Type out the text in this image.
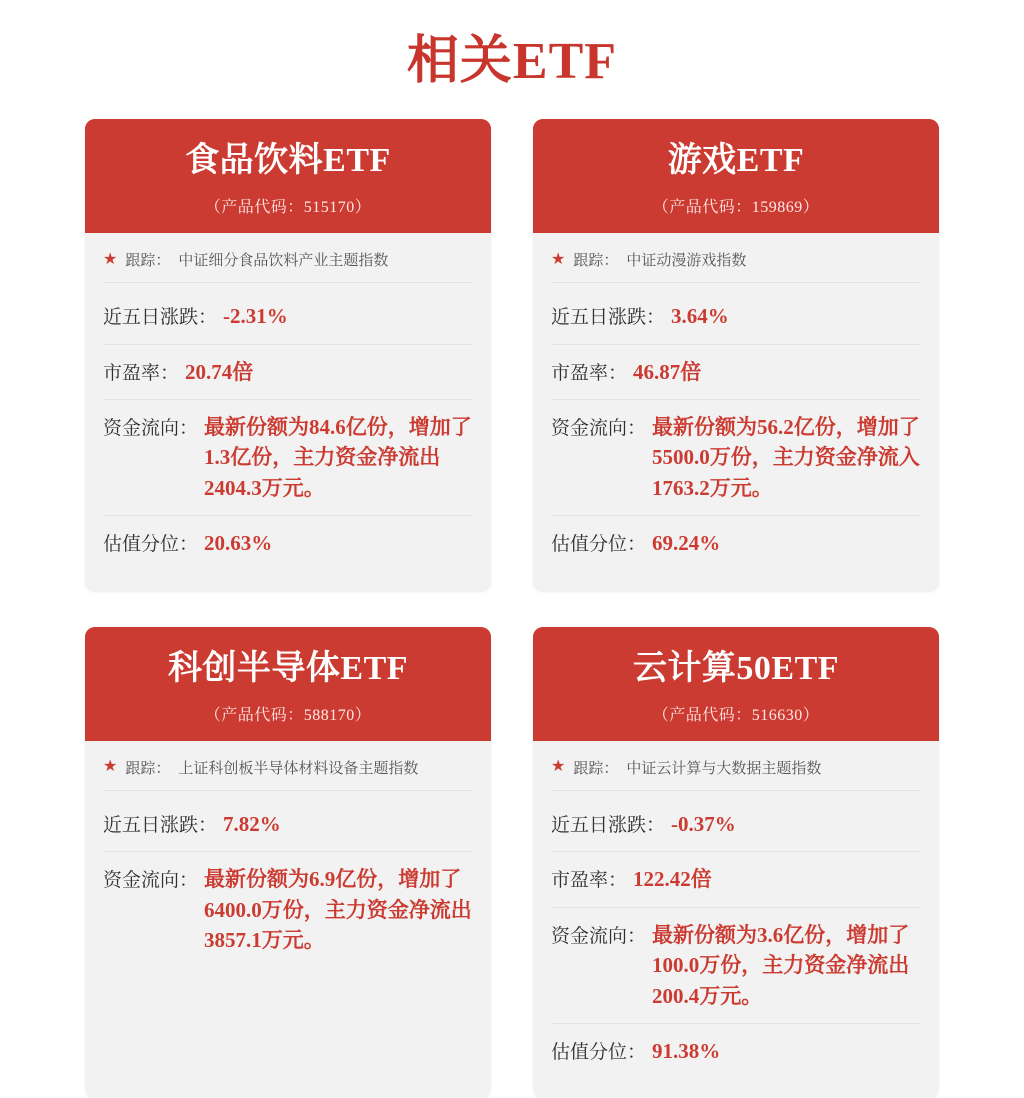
相关ETF
食品饮料ETF
（产品代码：515170）
★ 跟踪： 中证细分食品饮料产业主题指数
近五日涨跌： -2.31%
市盈率： 20.74倍
资金流向： 最新份额为84.6亿份，增加了1.3亿份，主力资金净流出2404.3万元。
估值分位： 20.63%
游戏ETF
（产品代码：159869）
★ 跟踪： 中证动漫游戏指数
近五日涨跌： 3.64%
市盈率： 46.87倍
资金流向： 最新份额为56.2亿份，增加了5500.0万份，主力资金净流入1763.2万元。
估值分位： 69.24%
科创半导体ETF
（产品代码：588170）
★ 跟踪： 上证科创板半导体材料设备主题指数
近五日涨跌： 7.82%
资金流向： 最新份额为6.9亿份，增加了6400.0万份，主力资金净流出3857.1万元。
云计算50ETF
（产品代码：516630）
★ 跟踪： 中证云计算与大数据主题指数
近五日涨跌： -0.37%
市盈率： 122.42倍
资金流向： 最新份额为3.6亿份，增加了100.0万份，主力资金净流出200.4万元。
估值分位： 91.38%
